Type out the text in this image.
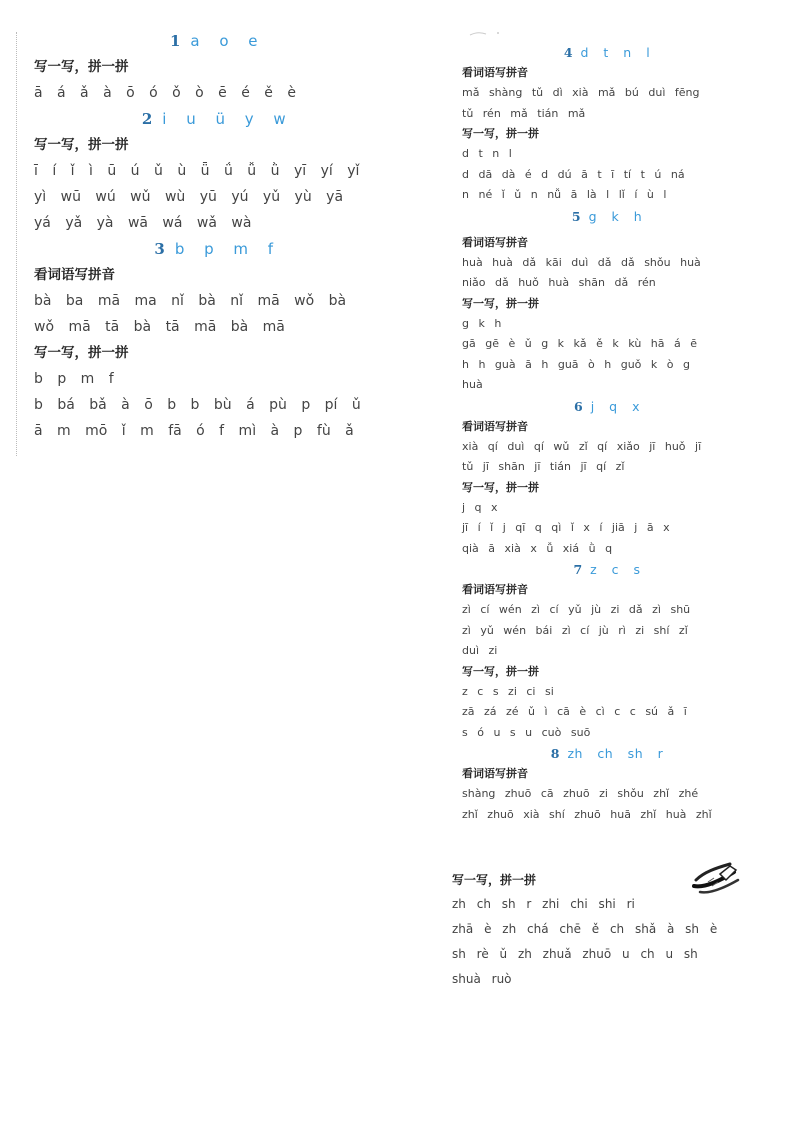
1 a o e
写一写，拼一拼
ā á ǎ à ō ó ǒ ò ē é ě è
2 i u ü y w
写一写，拼一拼
ī í ǐ ì ū ú ǔ ù ǖ ǘ ǚ ǜ yī yí yǐ
yì wū wú wǔ wù yū yú yǔ yù yā
yá yǎ yà wā wá wǎ wà
3 b p m f
看词语写拼音
bà ba mā ma nǐ bà nǐ mā wǒ bà
wǒ mā tā bà tā mā bà mā
写一写，拼一拼
b p m f
b bá bǎ à ō b b bù á pù p pí ǔ
ā m mō ǐ m fā ó f mì à p fù ǎ
4 d t n l
看词语写拼音
mǎ shàng tǔ dì xià mǎ bú duì fēng
tǔ rén mǎ tián mǎ
写一写，拼一拼
d t n l
d dā dà é d dú ā t ī tí t ú ná
n né ǐ ǔ n nǚ ā là l lǐ í ù l
5 g k h
看词语写拼音
huà huà dǎ kāi duì dǎ dǎ shǒu huà
niǎo dǎ huǒ huà shān dǎ rén
写一写，拼一拼
g k h
gā gē è ǔ g k kǎ ě k kù hā á ē
h h guà ā h guā ò h guǒ k ò g
huà
6 j q x
看词语写拼音
xià qí duì qí wǔ zǐ qí xiǎo jī huǒ jī
tǔ jī shān jī tián jī qí zǐ
写一写，拼一拼
j q x
jī í ǐ j qī q qì ǐ x í jiā j ā x
qià ā xià x ǚ xiá ǜ q
7 z c s
看词语写拼音
zì cí wén zì cí yǔ jù zi dǎ zì shū
zì yǔ wén bái zì cí jù rì zi shí zǐ
duì zi
写一写，拼一拼
z c s zi ci si
zā zá zé ǔ ì cā è cì c c sú ǎ ī
s ó u s u cuò suō
8 zh ch sh r
看词语写拼音
shàng zhuō cā zhuō zi shǒu zhǐ zhé
zhǐ zhuō xià shí zhuō huā zhǐ huà zhǐ
写一写，拼一拼
zh ch sh r zhi chi shi ri
zhā è zh chá chē ě ch shǎ à sh è
sh rè ǔ zh zhuǎ zhuō u ch u sh
shuà ruò
